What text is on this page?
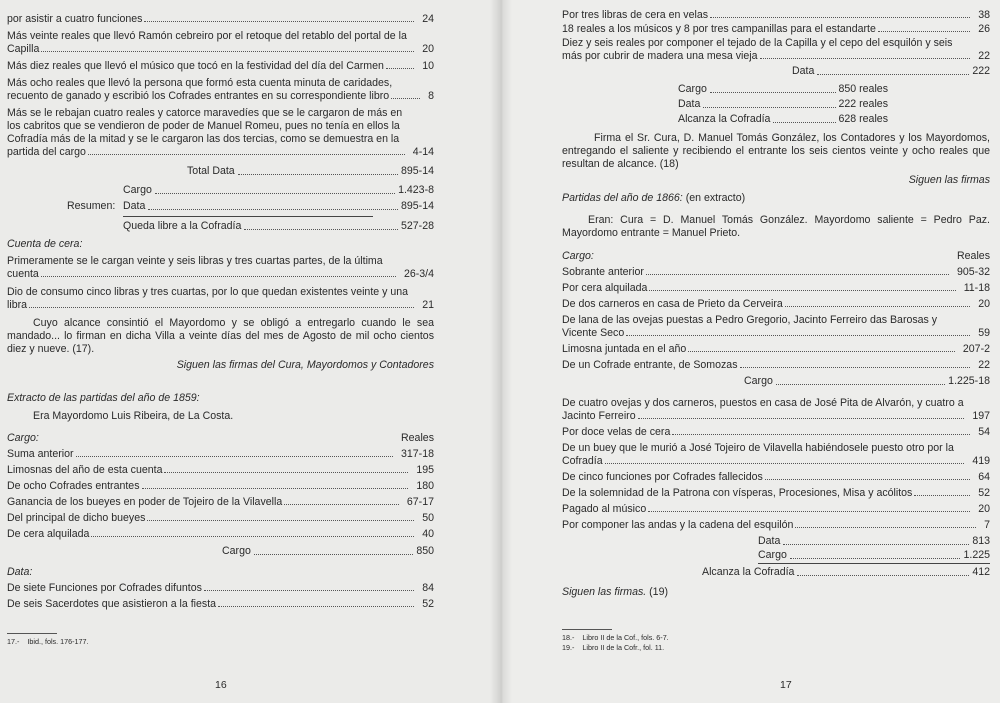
por asistir a cuatro funciones	24
Más veinte reales que llevó Ramón cebreiro por el retoque del retablo del portal de la Capilla	20
Más diez reales que llevó el músico que tocó en la festividad del día del Carmen	10
Más ocho reales que llevó la persona que formó esta cuenta minuta de caridades, recuento de ganado y escribió los Cofrades entrantes en su correspondiente libro	8
Más se le rebajan cuatro reales y catorce maravedíes que se le cargaron de más en los cabritos que se vendieron de poder de Manuel Romeu, pues no tenía en ellos la Cofradía más de la mitad y se le cargaron las dos tercias, como se demuestra en la partida del cargo	4-14
Total Data	895-14
Cargo	1.423-8
Resumen: Data	895-14
Queda libre a la Cofradía	527-28
Cuenta de cera:
Primeramente se le cargan veinte y seis libras y tres cuartas partes, de la última cuenta	26-3/4
Dio de consumo cinco libras y tres cuartas, por lo que quedan existentes veinte y una libra	21
Cuyo alcance consintió el Mayordomo y se obligó a entregarlo cuando le sea mandado... lo firman en dicha Villa a veinte días del mes de Agosto de mil ocho cientos diez y nueve. (17).
Siguen las firmas del Cura, Mayordomos y Contadores
Extracto de las partidas del año de 1859:
Era Mayordomo Luis Ribeira, de La Costa.
Cargo:	Reales
Suma anterior	317-18
Limosnas del año de esta cuenta	195
De ocho Cofrades entrantes	180
Ganancia de los bueyes en poder de Tojeiro de la Vilavella	67-17
Del principal de dicho bueyes	50
De cera alquilada	40
Cargo	850
Data:
De siete Funciones por Cofrades difuntos	84
De seis Sacerdotes que asistieron a la fiesta	52
17.- Ibid., fols. 176-177.
16
Por tres libras de cera en velas	38
18 reales a los músicos y 8 por tres campanillas para el estandarte	26
Diez y seis reales por componer el tejado de la Capilla y el cepo del esquilón y seis más por cubrir de madera una mesa vieja	22
Data	222
Cargo	850 reales
Data	222 reales
Alcanza la Cofradía	628 reales
Firma el Sr. Cura, D. Manuel Tomás González, los Contadores y los Mayordomos, entregando el saliente y recibiendo el entrante los seis cientos veinte y ocho reales que resultan de alcance. (18)
Siguen las firmas
Partidas del año de 1866: (en extracto)
Eran: Cura = D. Manuel Tomás González. Mayordomo saliente = Pedro Paz. Mayordomo entrante = Manuel Prieto.
Cargo:	Reales
Sobrante anterior	905-32
Por cera alquilada	11-18
De dos carneros en casa de Prieto da Cerveira	20
De lana de las ovejas puestas a Pedro Gregorio, Jacinto Ferreiro das Barosas y Vicente Seco	59
Limosna juntada en el año	207-2
De un Cofrade entrante, de Somozas	22
Cargo	1.225-18
De cuatro ovejas y dos carneros, puestos en casa de José Pita de Alvarón, y cuatro a Jacinto Ferreiro	197
Por doce velas de cera	54
De un buey que le murió a José Tojeiro de Vilavella habiéndosele puesto otro por la Cofradía	419
De cinco funciones por Cofrades fallecidos	64
De la solemnidad de la Patrona con vísperas, Procesiones, Misa y acólitos	52
Pagado al músico	20
Por componer las andas y la cadena del esquilón	7
Data	813
Cargo	1.225
Alcanza la Cofradía	412
Siguen las firmas. (19)
18.- Libro II de la Cof., fols. 6-7.
19.- Libro II de la Cofr., fol. 11.
17
